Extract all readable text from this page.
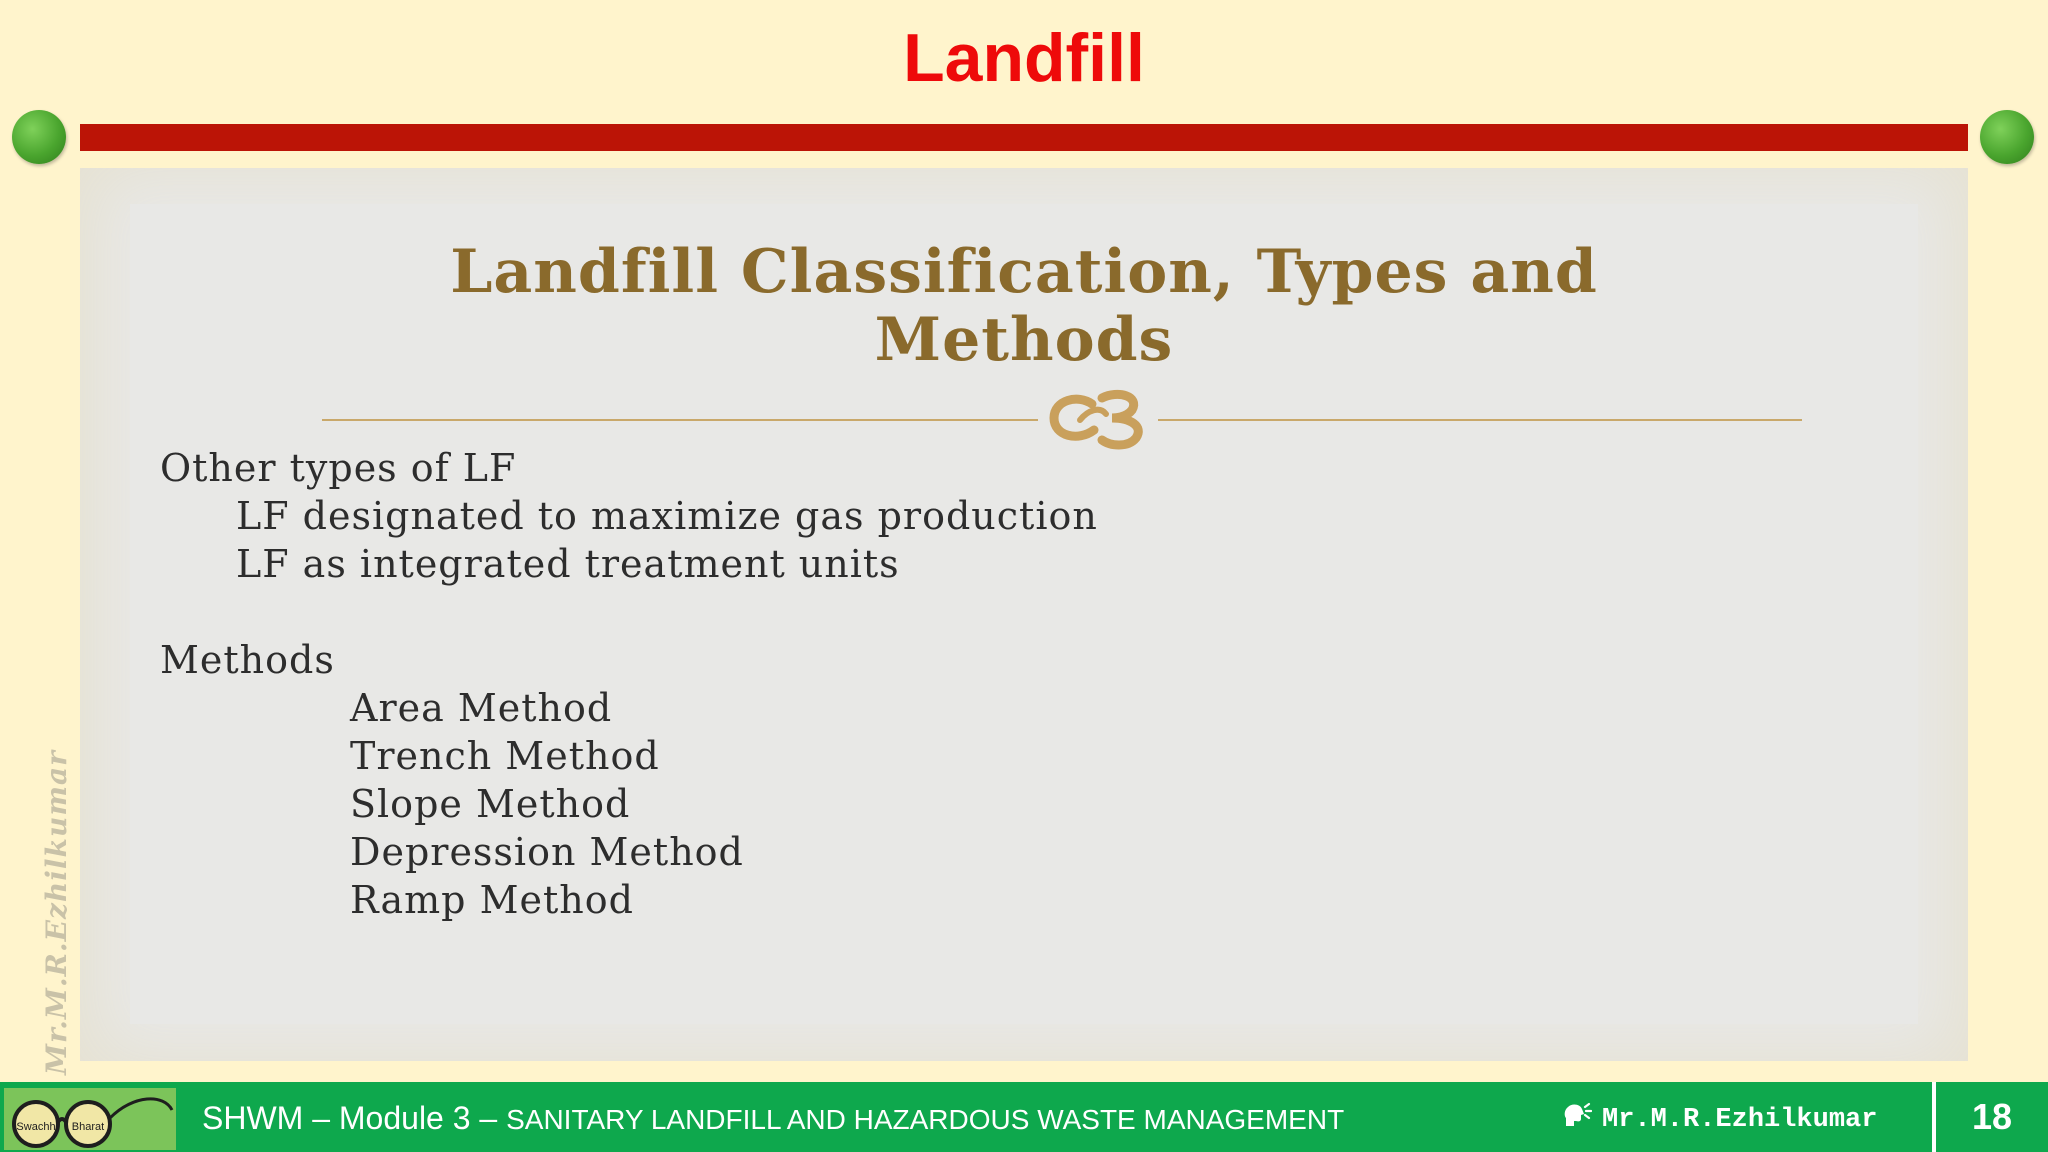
Landfill
Mr.M.R.Ezhilkumar
Landfill Classification, Types and
Methods
Other types of LF
LF designated to maximize gas production
LF as integrated treatment units
Methods
Area Method
Trench Method
Slope Method
Depression Method
Ramp Method
Swachh Bharat	SHWM – Module 3 – SANITARY LANDFILL AND HAZARDOUS WASTE MANAGEMENT	Mr.M.R.Ezhilkumar	18
